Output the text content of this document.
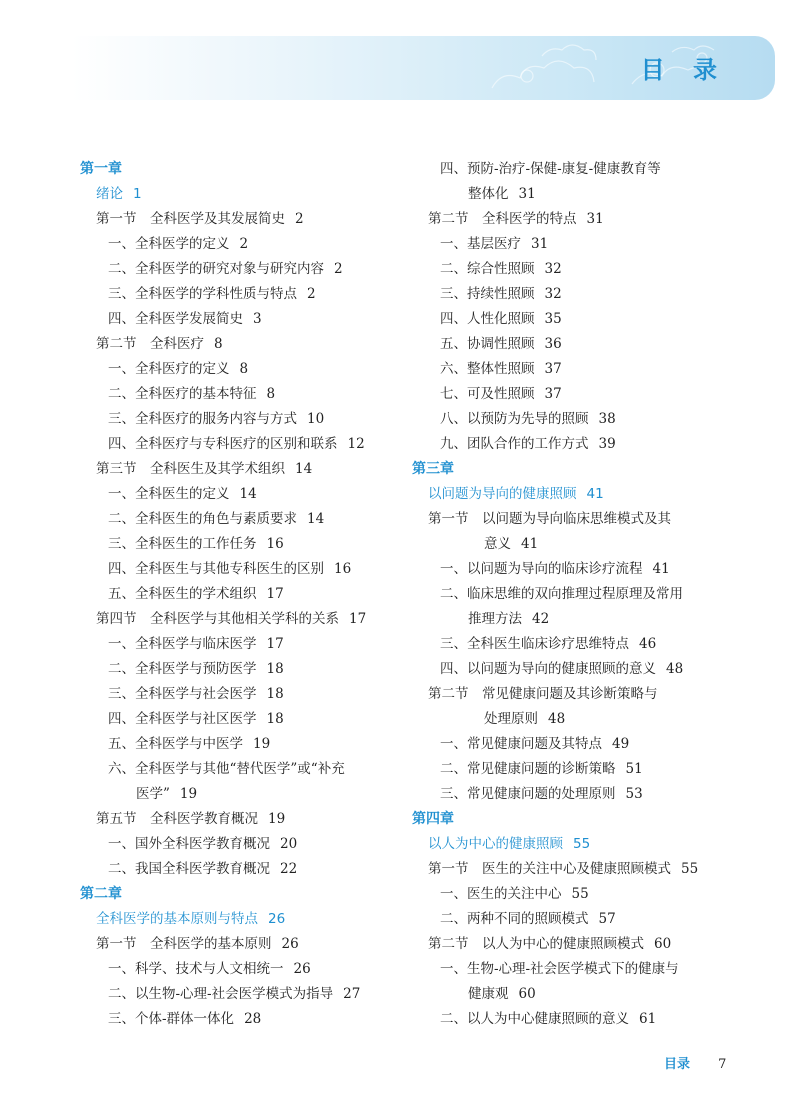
目 录
第一章
绪论 1
第一节　全科医学及其发展简史 2
一、全科医学的定义 2
二、全科医学的研究对象与研究内容 2
三、全科医学的学科性质与特点 2
四、全科医学发展简史 3
第二节　全科医疗 8
一、全科医疗的定义 8
二、全科医疗的基本特征 8
三、全科医疗的服务内容与方式 10
四、全科医疗与专科医疗的区别和联系 12
第三节　全科医生及其学术组织 14
一、全科医生的定义 14
二、全科医生的角色与素质要求 14
三、全科医生的工作任务 16
四、全科医生与其他专科医生的区别 16
五、全科医生的学术组织 17
第四节　全科医学与其他相关学科的关系 17
一、全科医学与临床医学 17
二、全科医学与预防医学 18
三、全科医学与社会医学 18
四、全科医学与社区医学 18
五、全科医学与中医学 19
六、全科医学与其他“替代医学”或“补充
医学” 19
第五节　全科医学教育概况 19
一、国外全科医学教育概况 20
二、我国全科医学教育概况 22
第二章
全科医学的基本原则与特点 26
第一节　全科医学的基本原则 26
一、科学、技术与人文相统一 26
二、以生物-心理-社会医学模式为指导 27
三、个体-群体一体化 28
四、预防-治疗-保健-康复-健康教育等
整体化 31
第二节　全科医学的特点 31
一、基层医疗 31
二、综合性照顾 32
三、持续性照顾 32
四、人性化照顾 35
五、协调性照顾 36
六、整体性照顾 37
七、可及性照顾 37
八、以预防为先导的照顾 38
九、团队合作的工作方式 39
第三章
以问题为导向的健康照顾 41
第一节　以问题为导向临床思维模式及其
意义 41
一、以问题为导向的临床诊疗流程 41
二、临床思维的双向推理过程原理及常用
推理方法 42
三、全科医生临床诊疗思维特点 46
四、以问题为导向的健康照顾的意义 48
第二节　常见健康问题及其诊断策略与
处理原则 48
一、常见健康问题及其特点 49
二、常见健康问题的诊断策略 51
三、常见健康问题的处理原则 53
第四章
以人为中心的健康照顾 55
第一节　医生的关注中心及健康照顾模式 55
一、医生的关注中心 55
二、两种不同的照顾模式 57
第二节　以人为中心的健康照顾模式 60
一、生物-心理-社会医学模式下的健康与
健康观 60
二、以人为中心健康照顾的意义 61
目录 7
